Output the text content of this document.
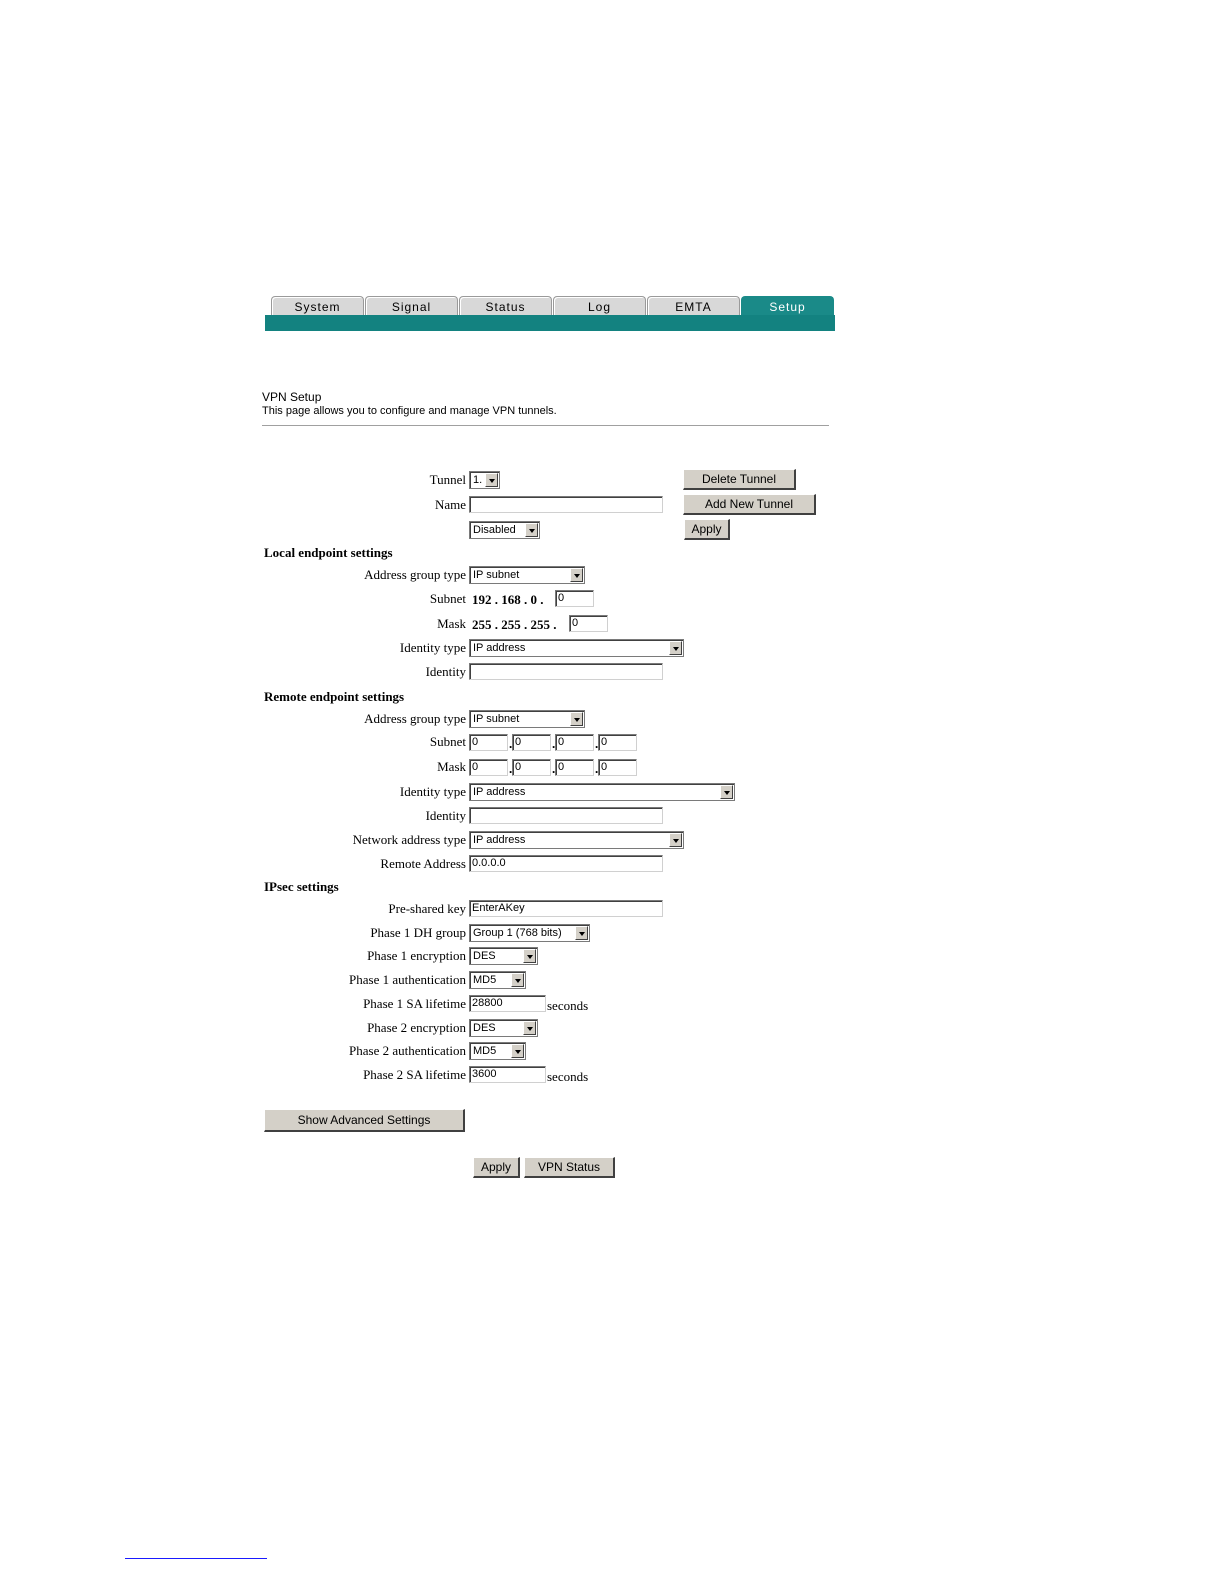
System	Signal	Status	Log	EMTA	Setup
VPN Setup
This page allows you to configure and manage VPN tunnels.
Tunnel 1.	Delete Tunnel
Name	Add New Tunnel
Disabled	Apply
Local endpoint settings
Address group type IP subnet
Subnet 192 . 168 . 0 . 0
Mask 255 . 255 . 255 . 0
Identity type IP address
Identity
Remote endpoint settings
Address group type IP subnet
Subnet 0	. 0	. 0	. 0
Mask 0	. 0	. 0	. 0
Identity type IP address
Identity
Network address type IP address
Remote Address 0.0.0.0
IPsec settings
Pre-shared key EnterAKey
Phase 1 DH group Group 1 (768 bits)
Phase 1 encryption DES
Phase 1 authentication MD5
Phase 1 SA lifetime 28800	seconds
Phase 2 encryption DES
Phase 2 authentication MD5
Phase 2 SA lifetime 3600	seconds
Show Advanced Settings
Apply	VPN Status
